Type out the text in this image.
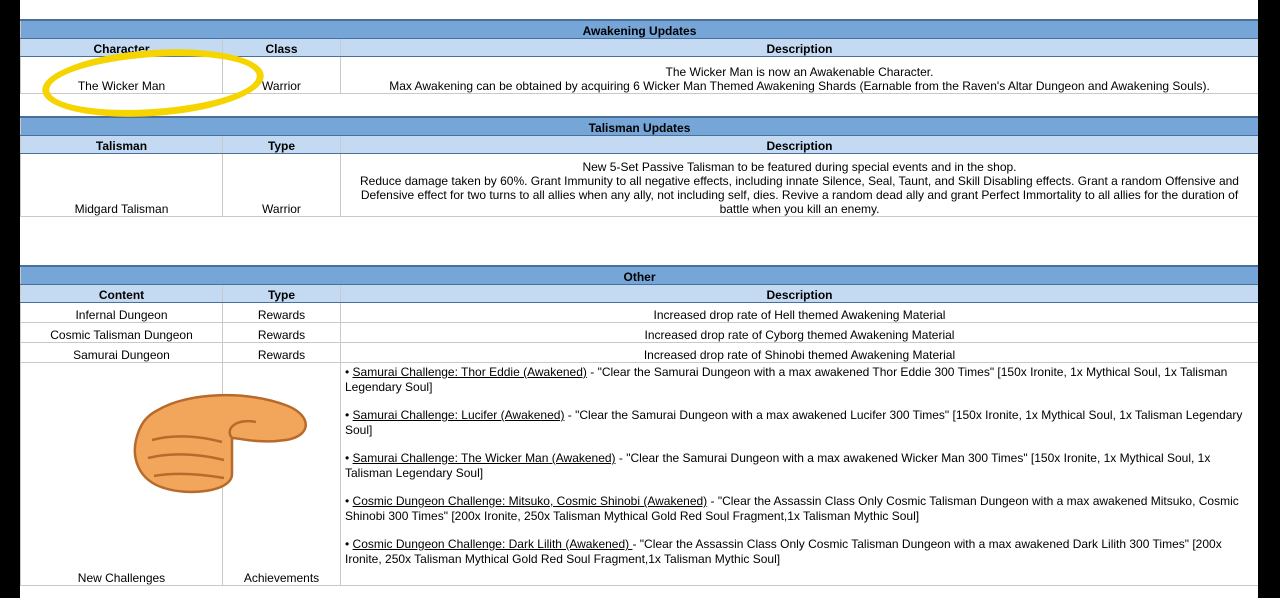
Awakening Updates		
Character	Class	Description
The Wicker Man	Warrior	The Wicker Man is now an Awakenable Character.
Max Awakening can be obtained by acquiring 6 Wicker Man Themed Awakening Shards (Earnable from the Raven's Altar Dungeon and Awakening Souls).
Talisman Updates		
Talisman	Type	Description
Midgard Talisman	Warrior	New 5-Set Passive Talisman to be featured during special events and in the shop.
Reduce damage taken by 60%. Grant Immunity to all negative effects, including innate Silence, Seal, Taunt, and Skill Disabling effects. Grant a random Offensive and Defensive effect for two turns to all allies when any ally, not including self, dies. Revive a random dead ally and grant Perfect Immortality to all allies for the duration of battle when you kill an enemy.
Other		
Content	Type	Description
Infernal Dungeon	Rewards	Increased drop rate of Hell themed Awakening Material
Cosmic Talisman Dungeon	Rewards	Increased drop rate of Cyborg themed Awakening Material
Samurai Dungeon	Rewards	Increased drop rate of Shinobi themed Awakening Material
New Challenges	Achievements	• Samurai Challenge: Thor Eddie (Awakened) - "Clear the Samurai Dungeon with a max awakened Thor Eddie 300 Times" [150x Ironite, 1x Mythical Soul, 1x Talisman Legendary Soul]
• Samurai Challenge: Lucifer (Awakened) - "Clear the Samurai Dungeon with a max awakened Lucifer 300 Times" [150x Ironite, 1x Mythical Soul, 1x Talisman Legendary Soul]
• Samurai Challenge: The Wicker Man (Awakened) - "Clear the Samurai Dungeon with a max awakened Wicker Man 300 Times" [150x Ironite, 1x Mythical Soul, 1x Talisman Legendary Soul]
• Cosmic Dungeon Challenge: Mitsuko, Cosmic Shinobi (Awakened) - "Clear the Assassin Class Only Cosmic Talisman Dungeon with a max awakened Mitsuko, Cosmic Shinobi 300 Times" [200x Ironite, 250x Talisman Mythical Gold Red Soul Fragment,1x Talisman Mythic Soul]
• Cosmic Dungeon Challenge: Dark Lilith (Awakened) - "Clear the Assassin Class Only Cosmic Talisman Dungeon with a max awakened Dark Lilith 300 Times" [200x Ironite, 250x Talisman Mythical Gold Red Soul Fragment,1x Talisman Mythic Soul]
